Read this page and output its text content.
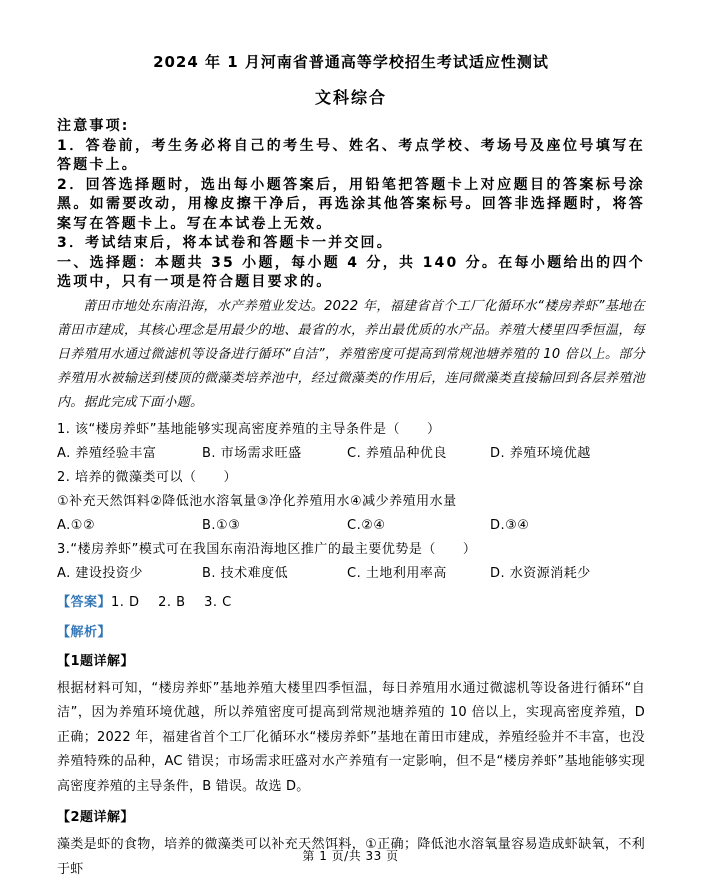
2024 年 1 月河南省普通高等学校招生考试适应性测试

文科综合

注意事项:

1．答卷前，考生务必将自己的考生号、姓名、考点学校、考场号及座位号填写在答题卡上。

2．回答选择题时，选出每小题答案后，用铅笔把答题卡上对应题目的答案标号涂黑。如需要改动，用橡皮擦干净后，再选涂其他答案标号。回答非选择题时，将答案写在答题卡上。写在本试卷上无效。

3．考试结束后，将本试卷和答题卡一并交回。

一、选择题：本题共 35 小题，每小题 4 分，共 140 分。在每小题给出的四个选项中，只有一项是符合题目要求的。

莆田市地处东南沿海，水产养殖业发达。2022 年，福建省首个工厂化循环水“楼房养虾”基地在莆田市建成，其核心理念是用最少的地、最省的水，养出最优质的水产品。养殖大楼里四季恒温，每日养殖用水通过微滤机等设备进行循环“自洁”，养殖密度可提高到常规池塘养殖的 10 倍以上。部分养殖用水被输送到楼顶的微藻类培养池中，经过微藻类的作用后，连同微藻类直接输回到各层养殖池内。据此完成下面小题。

1. 该“楼房养虾”基地能够实现高密度养殖的主导条件是（　　）

A. 养殖经验丰富	B. 市场需求旺盛	C. 养殖品种优良	D. 养殖环境优越

2. 培养的微藻类可以（　　）

①补充天然饵料②降低池水溶氧量③净化养殖用水④减少养殖用水量

A.①②	B.①③	C.②④	D.③④

3.“楼房养虾”模式可在我国东南沿海地区推广的最主要优势是（　　）

A. 建设投资少	B. 技术难度低	C. 土地利用率高	D. 水资源消耗少

【答案】1. D    2. B    3. C

【解析】

【1题详解】

根据材料可知，“楼房养虾”基地养殖大楼里四季恒温，每日养殖用水通过微滤机等设备进行循环“自洁”，因为养殖环境优越，所以养殖密度可提高到常规池塘养殖的 10 倍以上，实现高密度养殖，D 正确；2022 年，福建省首个工厂化循环水“楼房养虾”基地在莆田市建成，养殖经验并不丰富，也没养殖特殊的品种，AC 错误；市场需求旺盛对水产养殖有一定影响，但不是“楼房养虾”基地能够实现高密度养殖的主导条件，B 错误。故选 D。

【2题详解】

藻类是虾的食物，培养的微藻类可以补充天然饵料，①正确；降低池水溶氧量容易造成虾缺氧，不利于虾

第 1 页/共 33 页
